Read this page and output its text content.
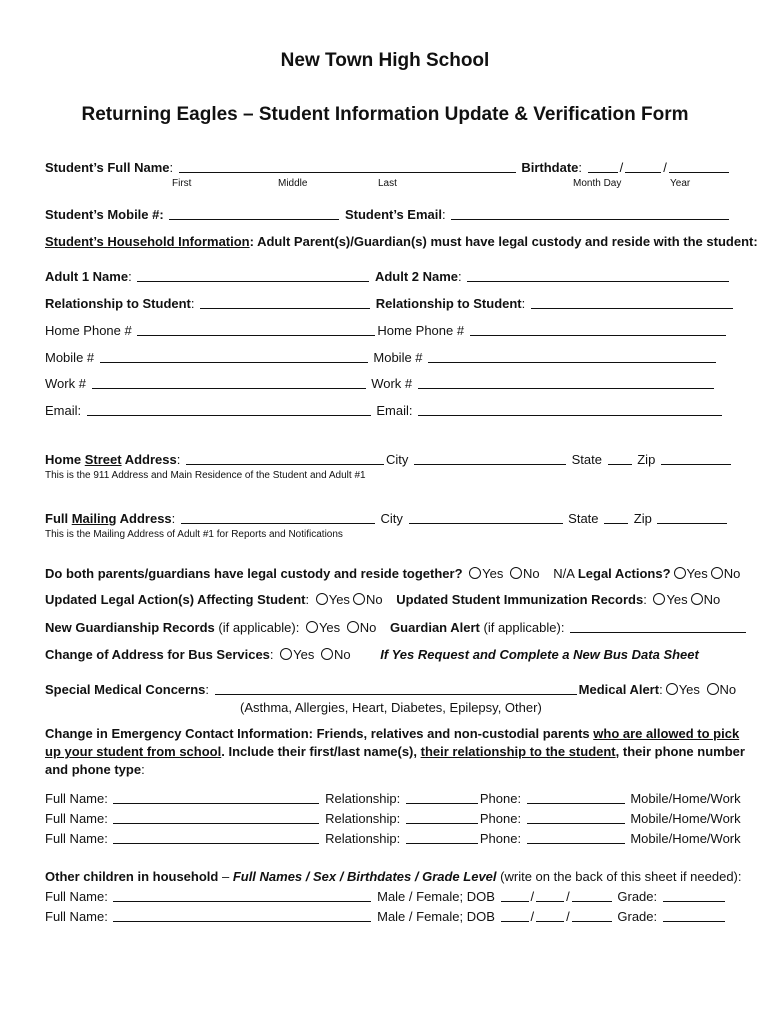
New Town High School
Returning Eagles – Student Information Update & Verification Form
Student’s Full Name:	Birthdate:	/	/
First	Middle	Last	Month Day	Year
Student’s Mobile #:	Student’s Email:
Student’s Household Information: Adult Parent(s)/Guardian(s) must have legal custody and reside with the student:
Adult 1 Name:	Adult 2 Name:
Relationship to Student:	Relationship to Student:
Home Phone #	Home Phone #
Mobile #	Mobile #
Work #	Work #
Email:	Email:
Home Street Address:	City	State	Zip
This is the 911 Address and Main Residence of the Student and Adult #1
Full Mailing Address:	City	State	Zip
This is the Mailing Address of Adult #1 for Reports and Notifications
Do both parents/guardians have legal custody and reside together? Yes No N/A Legal Actions? Yes No
Updated Legal Action(s) Affecting Student: Yes No Updated Student Immunization Records: Yes No
New Guardianship Records (if applicable): Yes No Guardian Alert (if applicable):
Change of Address for Bus Services: Yes No If Yes Request and Complete a New Bus Data Sheet
Special Medical Concerns:	Medical Alert: Yes No
(Asthma, Allergies, Heart, Diabetes, Epilepsy, Other)
Change in Emergency Contact Information: Friends, relatives and non-custodial parents who are allowed to pick
up your student from school. Include their first/last name(s), their relationship to the student, their phone number
and phone type:
Full Name:	Relationship:	Phone:	Mobile/Home/Work
Full Name:	Relationship:	Phone:	Mobile/Home/Work
Full Name:	Relationship:	Phone:	Mobile/Home/Work
Other children in household – Full Names / Sex / Birthdates / Grade Level (write on the back of this sheet if needed):
Full Name:	Male / Female; DOB	/ /	Grade:
Full Name:	Male / Female; DOB	/ /	Grade:
